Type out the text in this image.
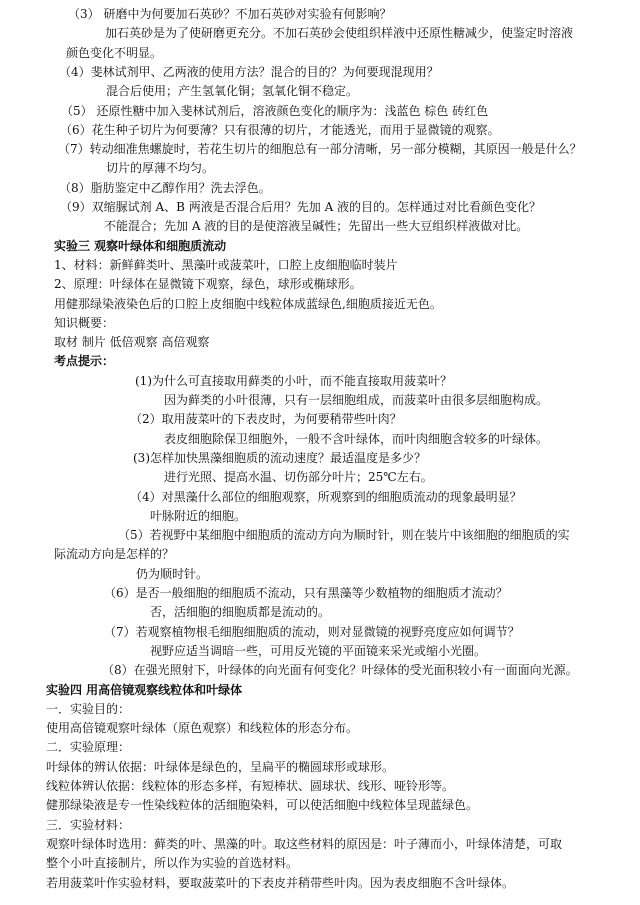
（3） 研磨中为何要加石英砂？不加石英砂对实验有何影响？
加石英砂是为了使研磨更充分。不加石英砂会使组织样液中还原性糖减少，使鉴定时溶液
颜色变化不明显。
（4）斐林试剂甲、乙两液的使用方法？混合的目的？为何要现混现用？
混合后使用；产生氢氧化铜；氢氧化铜不稳定。
（5） 还原性糖中加入斐林试剂后，溶液颜色变化的顺序为：浅蓝色 棕色 砖红色
（6）花生种子切片为何要薄？只有很薄的切片，才能透光，而用于显微镜的观察。
（7）转动细准焦螺旋时，若花生切片的细胞总有一部分清晰，另一部分模糊，其原因一般是什么？
切片的厚薄不均匀。
（8）脂肪鉴定中乙醇作用？洗去浮色。
（9）双缩脲试剂 A、B 两液是否混合后用？先加 A 液的目的。怎样通过对比看颜色变化？
不能混合；先加 A 液的目的是使溶液呈碱性；先留出一些大豆组织样液做对比。
实验三 观察叶绿体和细胞质流动
1、材料：新鲜藓类叶、黑藻叶或菠菜叶，口腔上皮细胞临时装片
2、原理：叶绿体在显微镜下观察，绿色，球形或椭球形。
用健那绿染液染色后的口腔上皮细胞中线粒体成蓝绿色,细胞质接近无色。
知识概要：
取材 制片 低倍观察 高倍观察
考点提示：
(1)为什么可直接取用藓类的小叶，而不能直接取用菠菜叶？
因为藓类的小叶很薄，只有一层细胞组成，而菠菜叶由很多层细胞构成。
（2）取用菠菜叶的下表皮时，为何要稍带些叶肉？
表皮细胞除保卫细胞外，一般不含叶绿体，而叶肉细胞含较多的叶绿体。
(3)怎样加快黑藻细胞质的流动速度？最适温度是多少？
进行光照、提高水温、切伤部分叶片；25℃左右。
（4）对黑藻什么部位的细胞观察，所观察到的细胞质流动的现象最明显？
叶脉附近的细胞。
（5）若视野中某细胞中细胞质的流动方向为顺时针，则在装片中该细胞的细胞质的实
际流动方向是怎样的？
仍为顺时针。
（6）是否一般细胞的细胞质不流动，只有黑藻等少数植物的细胞质才流动？
否，活细胞的细胞质都是流动的。
（7）若观察植物根毛细胞细胞质的流动，则对显微镜的视野亮度应如何调节？
视野应适当调暗一些，可用反光镜的平面镜来采光或缩小光圈。
（8）在强光照射下，叶绿体的向光面有何变化？叶绿体的受光面积较小有一面面向光源。
实验四 用高倍镜观察线粒体和叶绿体
一．实验目的：
使用高倍镜观察叶绿体（原色观察）和线粒体的形态分布。
二．实验原理：
叶绿体的辨认依据：叶绿体是绿色的，呈扁平的椭圆球形或球形。
线粒体辨认依据：线粒体的形态多样，有短棒状、圆球状、线形、哑铃形等。
健那绿染液是专一性染线粒体的活细胞染料，可以使活细胞中线粒体呈现蓝绿色。
三．实验材料：
观察叶绿体时选用：藓类的叶、黑藻的叶。取这些材料的原因是：叶子薄而小，叶绿体清楚，可取
整个小叶直接制片，所以作为实验的首选材料。
若用菠菜叶作实验材料，要取菠菜叶的下表皮并稍带些叶肉。因为表皮细胞不含叶绿体。
